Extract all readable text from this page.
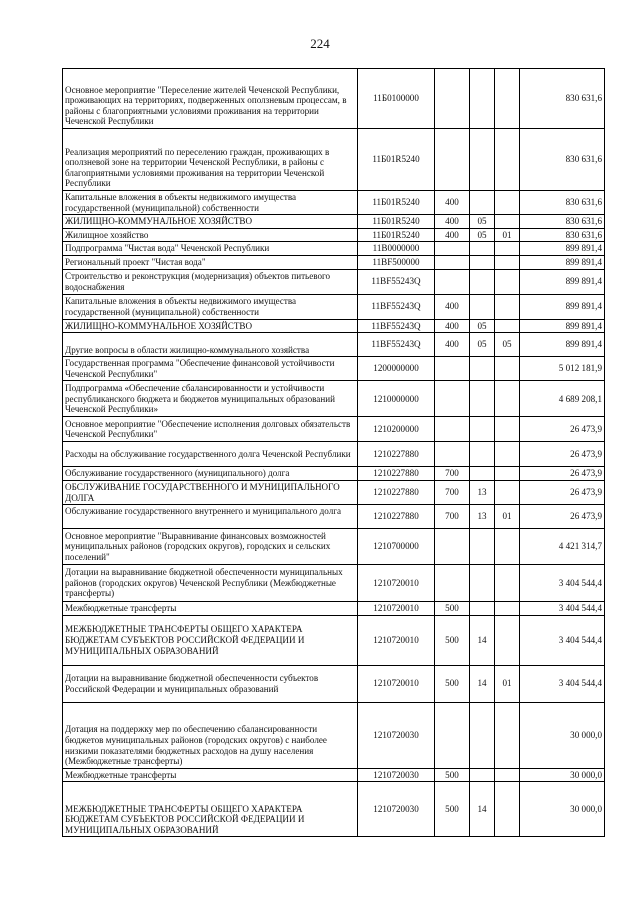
224
Основное мероприятие "Переселение жителей Чеченской Республики, проживающих на территориях, подверженных оползневым процессам, в районы с благоприятными условиями проживания на территории Чеченской Республики	11Б0100000				830 631,6
Реализация мероприятий по переселению граждан, проживающих в оползневой зоне на территории Чеченской Республики, в районы с благоприятными условиями проживания на территории Чеченской Республики	11Б01R5240				830 631,6
Капитальные вложения в объекты недвижимого имущества государственной (муниципальной) собственности	11Б01R5240	400			830 631,6
ЖИЛИЩНО-КОММУНАЛЬНОЕ ХОЗЯЙСТВО	11Б01R5240	400	05		830 631,6
Жилищное хозяйство	11Б01R5240	400	05	01	830 631,6
Подпрограмма "Чистая вода" Чеченской Республики	11В0000000				899 891,4
Региональный проект "Чистая вода"	11ВF500000				899 891,4
Строительство и реконструкция (модернизация) объектов питьевого водоснабжения	11ВF55243Q				899 891,4
Капитальные вложения в объекты недвижимого имущества государственной (муниципальной) собственности	11ВF55243Q	400			899 891,4
ЖИЛИЩНО-КОММУНАЛЬНОЕ ХОЗЯЙСТВО	11ВF55243Q	400	05		899 891,4
Другие вопросы в области жилищно-коммунального хозяйства	11ВF55243Q	400	05	05	899 891,4
Государственная программа "Обеспечение финансовой устойчивости Чеченской Республики"	1200000000				5 012 181,9
Подпрограмма «Обеспечение сбалансированности и устойчивости республиканского бюджета и бюджетов муниципальных образований Чеченской Республики»	1210000000				4 689 208,1
Основное мероприятие "Обеспечение исполнения долговых обязательств Чеченской Республики"	1210200000				26 473,9
Расходы на обслуживание государственного долга Чеченской Республики	1210227880				26 473,9
Обслуживание государственного (муниципального) долга	1210227880	700			26 473,9
ОБСЛУЖИВАНИЕ ГОСУДАРСТВЕННОГО И МУНИЦИПАЛЬНОГО ДОЛГА	1210227880	700	13		26 473,9
Обслуживание государственного внутреннего и муниципального долга	1210227880	700	13	01	26 473,9
Основное мероприятие "Выравнивание финансовых возможностей муниципальных районов (городских округов), городских и сельских поселений"	1210700000				4 421 314,7
Дотации на выравнивание бюджетной обеспеченности муниципальных районов (городских округов) Чеченской Республики (Межбюджетные трансферты)	1210720010				3 404 544,4
Межбюджетные трансферты	1210720010	500			3 404 544,4
МЕЖБЮДЖЕТНЫЕ ТРАНСФЕРТЫ ОБЩЕГО ХАРАКТЕРА БЮДЖЕТАМ СУБЪЕКТОВ РОССИЙСКОЙ ФЕДЕРАЦИИ И МУНИЦИПАЛЬНЫХ ОБРАЗОВАНИЙ	1210720010	500	14		3 404 544,4
Дотации на выравнивание бюджетной обеспеченности субъектов Российской Федерации и муниципальных образований	1210720010	500	14	01	3 404 544,4
Дотация на поддержку мер по обеспечению сбалансированности бюджетов муниципальных районов (городских округов) с наиболее низкими показателями бюджетных расходов на душу населения (Межбюджетные трансферты)	1210720030				30 000,0
Межбюджетные трансферты	1210720030	500			30 000,0
МЕЖБЮДЖЕТНЫЕ ТРАНСФЕРТЫ ОБЩЕГО ХАРАКТЕРА БЮДЖЕТАМ СУБЪЕКТОВ РОССИЙСКОЙ ФЕДЕРАЦИИ И МУНИЦИПАЛЬНЫХ ОБРАЗОВАНИЙ	1210720030	500	14		30 000,0
